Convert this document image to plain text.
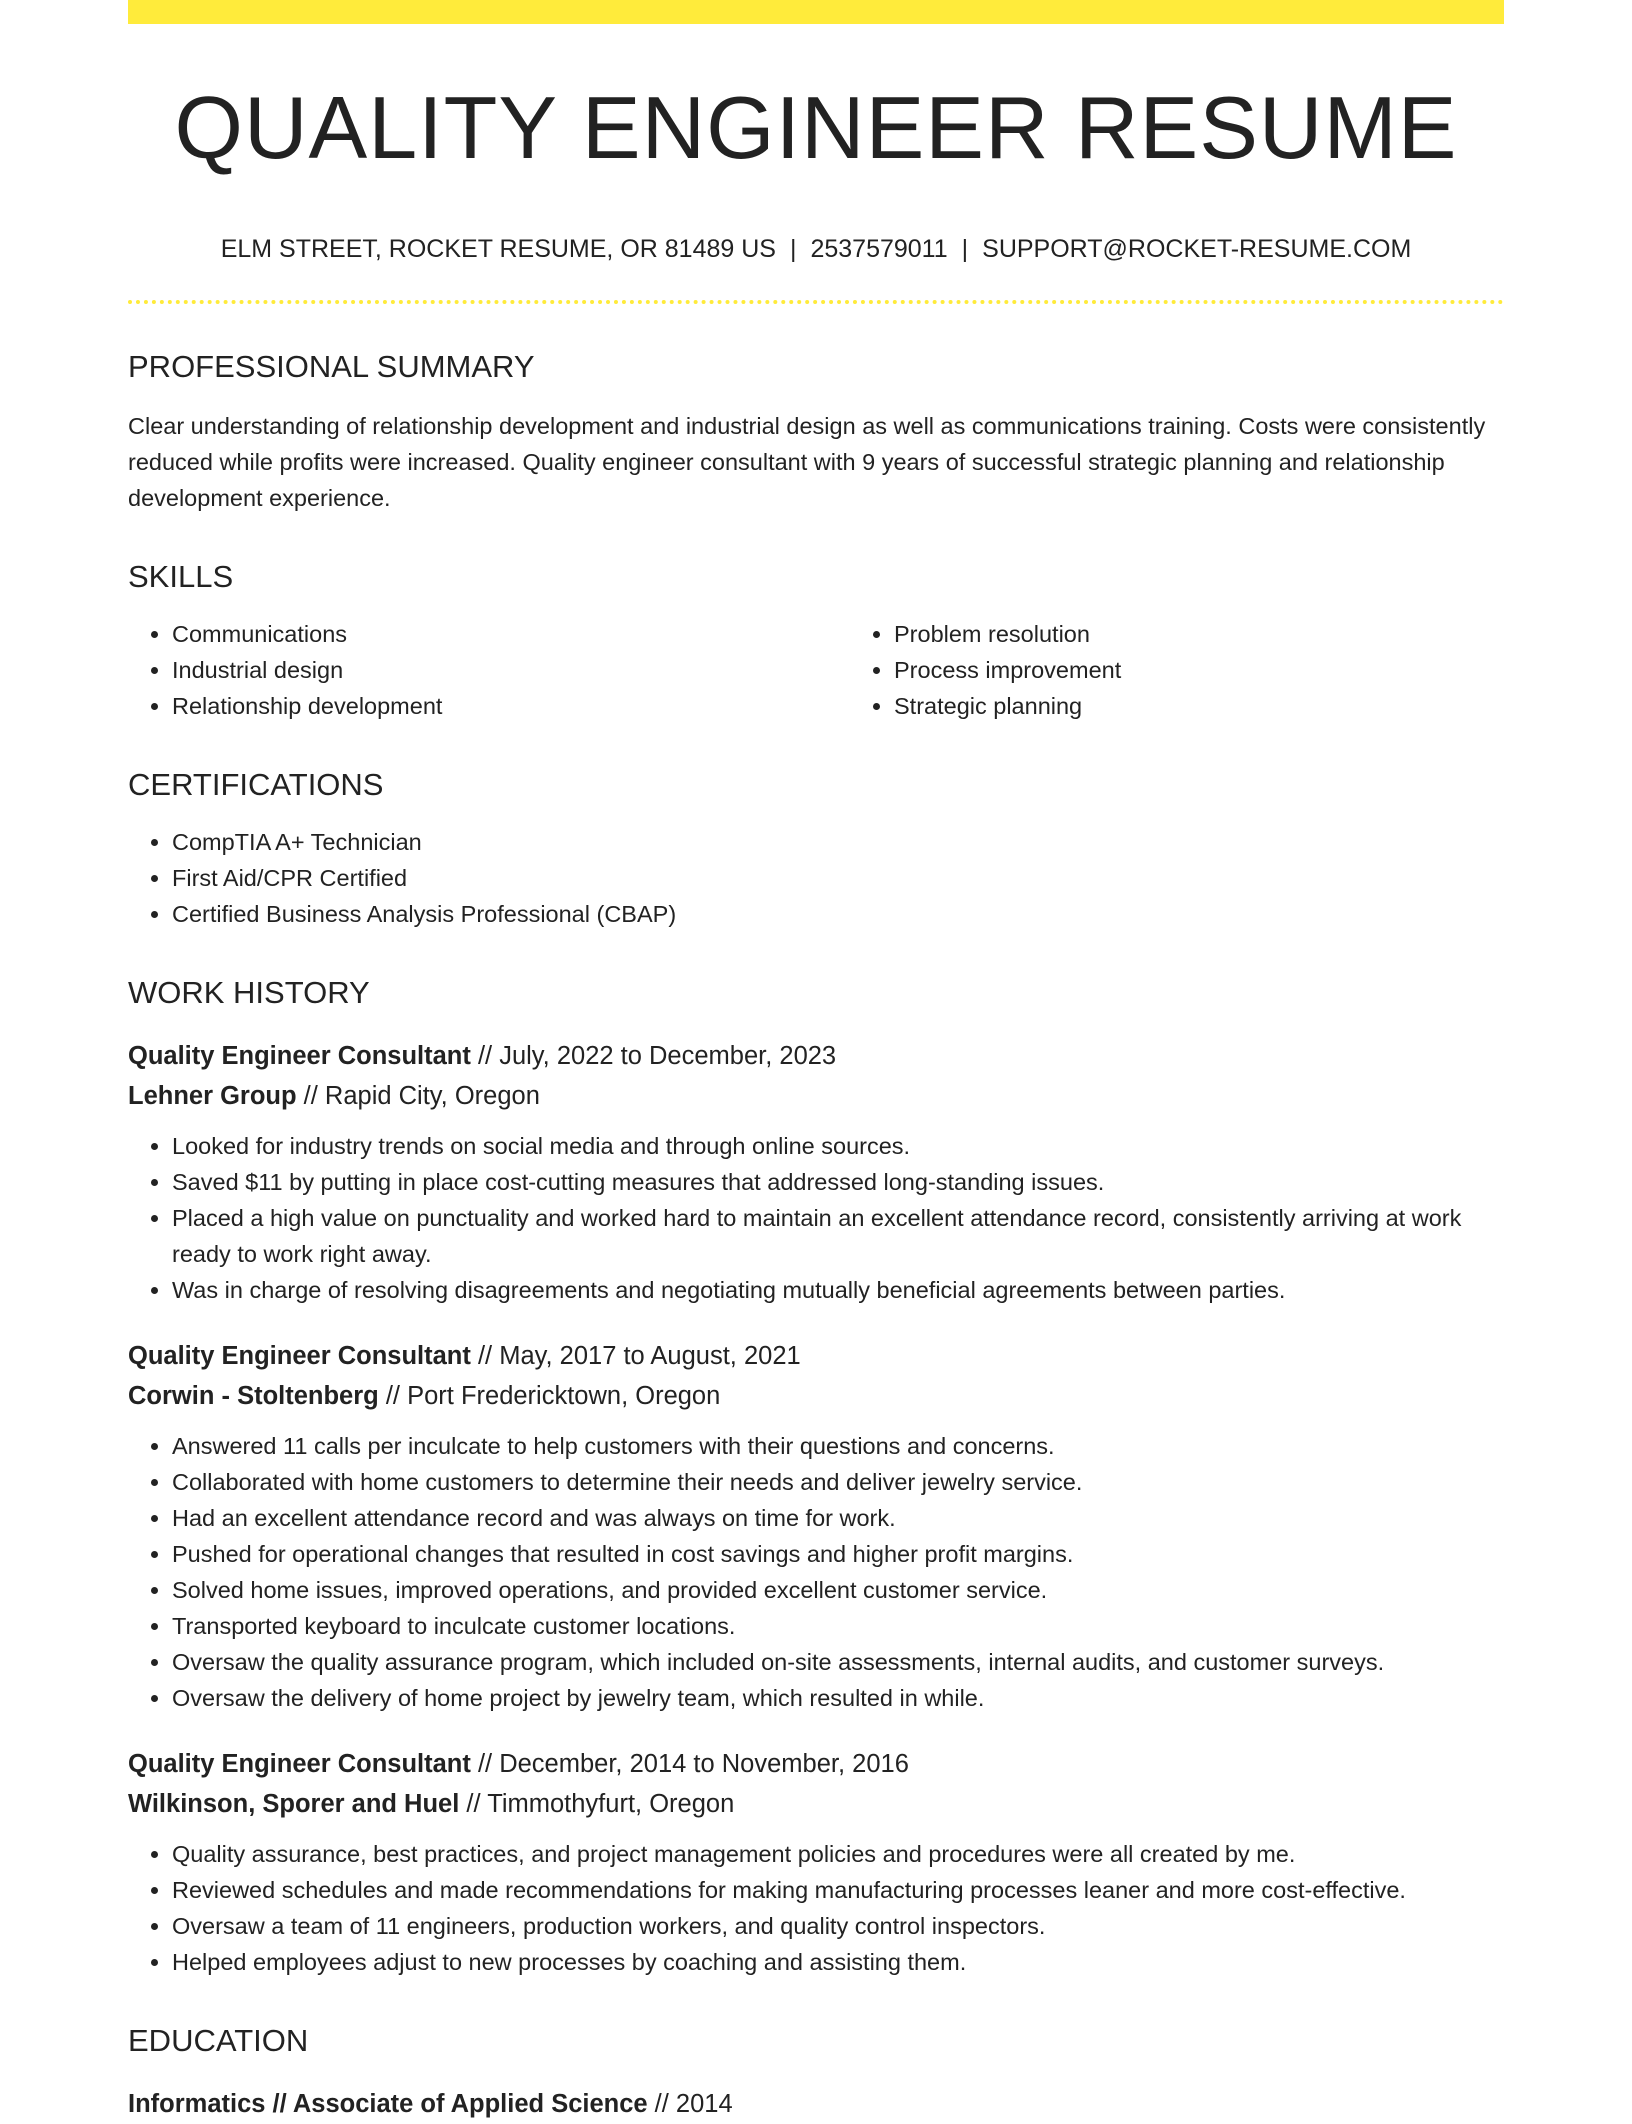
QUALITY ENGINEER RESUME
ELM STREET, ROCKET RESUME, OR 81489 US | 2537579011 | SUPPORT@ROCKET-RESUME.COM
PROFESSIONAL SUMMARY

Clear understanding of relationship development and industrial design as well as communications training. Costs were consistently reduced while profits were increased. Quality engineer consultant with 9 years of successful strategic planning and relationship development experience.

SKILLS
• Communications
• Industrial design
• Relationship development
• Problem resolution
• Process improvement
• Strategic planning
CERTIFICATIONS
• CompTIA A+ Technician
• First Aid/CPR Certified
• Certified Business Analysis Professional (CBAP)
WORK HISTORY
Quality Engineer Consultant // July, 2022 to December, 2023
Lehner Group // Rapid City, Oregon
• Looked for industry trends on social media and through online sources.
• Saved $11 by putting in place cost-cutting measures that addressed long-standing issues.
• Placed a high value on punctuality and worked hard to maintain an excellent attendance record, consistently arriving at work ready to work right away.
• Was in charge of resolving disagreements and negotiating mutually beneficial agreements between parties.
Quality Engineer Consultant // May, 2017 to August, 2021
Corwin - Stoltenberg // Port Fredericktown, Oregon
• Answered 11 calls per inculcate to help customers with their questions and concerns.
• Collaborated with home customers to determine their needs and deliver jewelry service.
• Had an excellent attendance record and was always on time for work.
• Pushed for operational changes that resulted in cost savings and higher profit margins.
• Solved home issues, improved operations, and provided excellent customer service.
• Transported keyboard to inculcate customer locations.
• Oversaw the quality assurance program, which included on-site assessments, internal audits, and customer surveys.
• Oversaw the delivery of home project by jewelry team, which resulted in while.
Quality Engineer Consultant // December, 2014 to November, 2016
Wilkinson, Sporer and Huel // Timmothyfurt, Oregon
• Quality assurance, best practices, and project management policies and procedures were all created by me.
• Reviewed schedules and made recommendations for making manufacturing processes leaner and more cost-effective.
• Oversaw a team of 11 engineers, production workers, and quality control inspectors.
• Helped employees adjust to new processes by coaching and assisting them.
EDUCATION
Informatics // Associate of Applied Science // 2014
